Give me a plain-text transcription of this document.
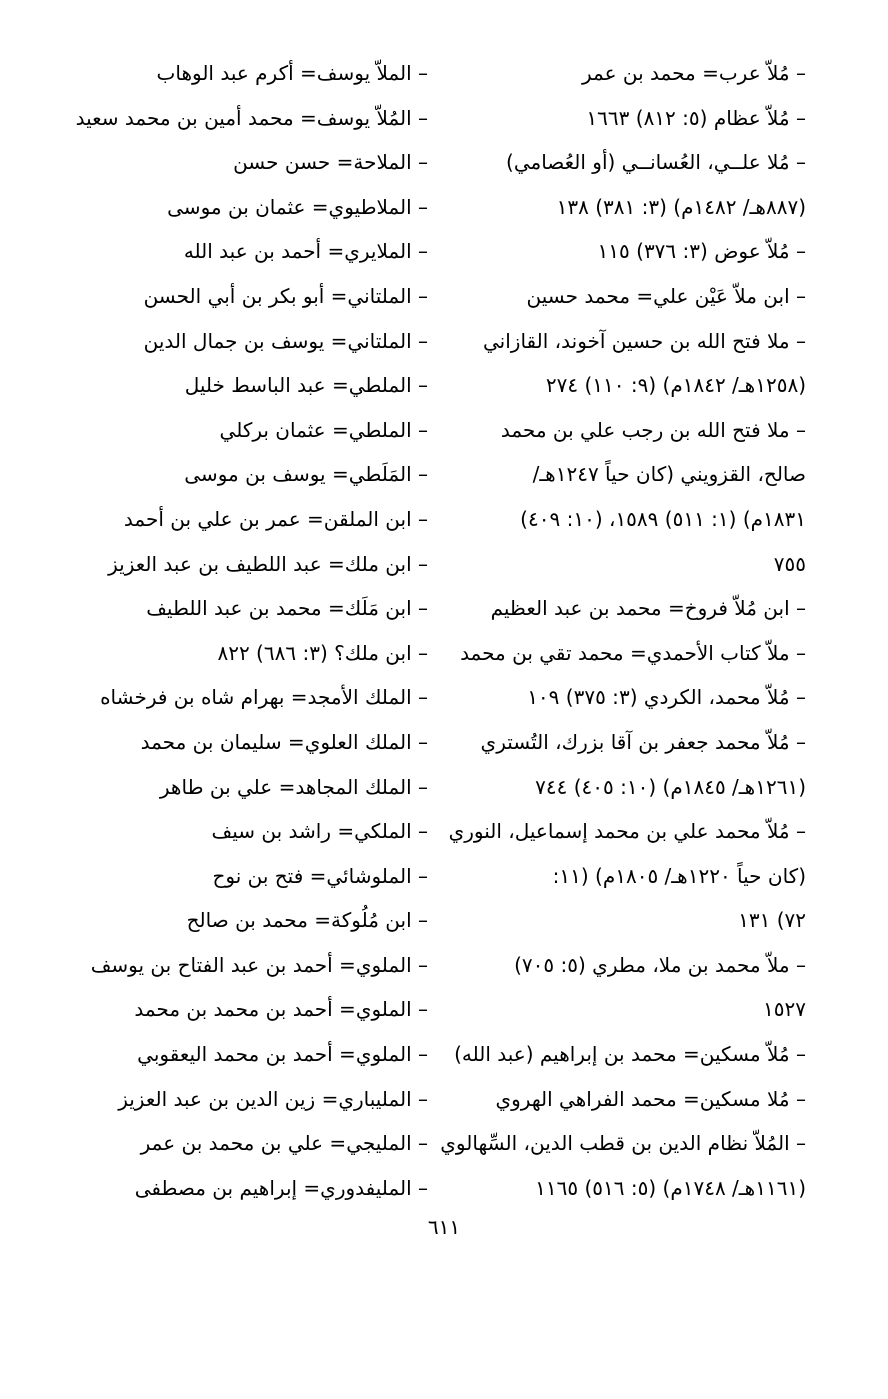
– مُلاّ عرب= محمد بن عمر
– مُلاّ عظام (٥: ٨١٢) ١٦٦٣
– مُلا علــي، العُسانــي (أو العُصامي)
(٨٨٧هـ/ ١٤٨٢م) (٣: ٣٨١) ١٣٨
– مُلاّ عوض (٣: ٣٧٦) ١١٥
– ابن ملاّ عَيْن علي= محمد حسين
– ملا فتح الله بن حسين آخوند، القازاني
(١٢٥٨هـ/ ١٨٤٢م) (٩: ١١٠) ٢٧٤
– ملا فتح الله بن رجب علي بن محمد
صالح، القزويني (كان حياً ١٢٤٧هـ/
١٨٣١م) (١: ٥١١) ١٥٨٩، (١٠: ٤٠٩)
٧٥٥
– ابن مُلاّ فروخ= محمد بن عبد العظيم
– ملاّ كتاب الأحمدي= محمد تقي بن محمد
– مُلاّ محمد، الكردي (٣: ٣٧٥) ١٠٩
– مُلاّ محمد جعفر بن آقا بزرك، التُستري
(١٢٦١هـ/ ١٨٤٥م) (١٠: ٤٠٥) ٧٤٤
– مُلاّ محمد علي بن محمد إسماعيل، النوري
(كان حياً ١٢٢٠هـ/ ١٨٠٥م) (١١:
٧٢) ١٣١
– ملاّ محمد بن ملا، مطري (٥: ٧٠٥)
١٥٢٧
– مُلاّ مسكين= محمد بن إبراهيم (عبد الله)
– مُلا مسكين= محمد الفراهي الهروي
– المُلاّ نظام الدين بن قطب الدين، السِّهالوي
(١١٦١هـ/ ١٧٤٨م) (٥: ٥١٦) ١١٦٥
– الملاّ يوسف= أكرم عبد الوهاب
– المُلاّ يوسف= محمد أمين بن محمد سعيد
– الملاحة= حسن حسن
– الملاطيوي= عثمان بن موسى
– الملايري= أحمد بن عبد الله
– الملتاني= أبو بكر بن أبي الحسن
– الملتاني= يوسف بن جمال الدين
– الملطي= عبد الباسط خليل
– الملطي= عثمان بركلي
– المَلَطي= يوسف بن موسى
– ابن الملقن= عمر بن علي بن أحمد
– ابن ملك= عبد اللطيف بن عبد العزيز
– ابن مَلَك= محمد بن عبد اللطيف
– ابن ملك؟ (٣: ٦٨٦) ٨٢٢
– الملك الأمجد= بهرام شاه بن فرخشاه
– الملك العلوي= سليمان بن محمد
– الملك المجاهد= علي بن طاهر
– الملكي= راشد بن سيف
– الملوشائي= فتح بن نوح
– ابن مُلُوكة= محمد بن صالح
– الملوي= أحمد بن عبد الفتاح بن يوسف
– الملوي= أحمد بن محمد بن محمد
– الملوي= أحمد بن محمد اليعقوبي
– المليباري= زين الدين بن عبد العزيز
– المليجي= علي بن محمد بن عمر
– المليفدوري= إبراهيم بن مصطفى
٦١١
